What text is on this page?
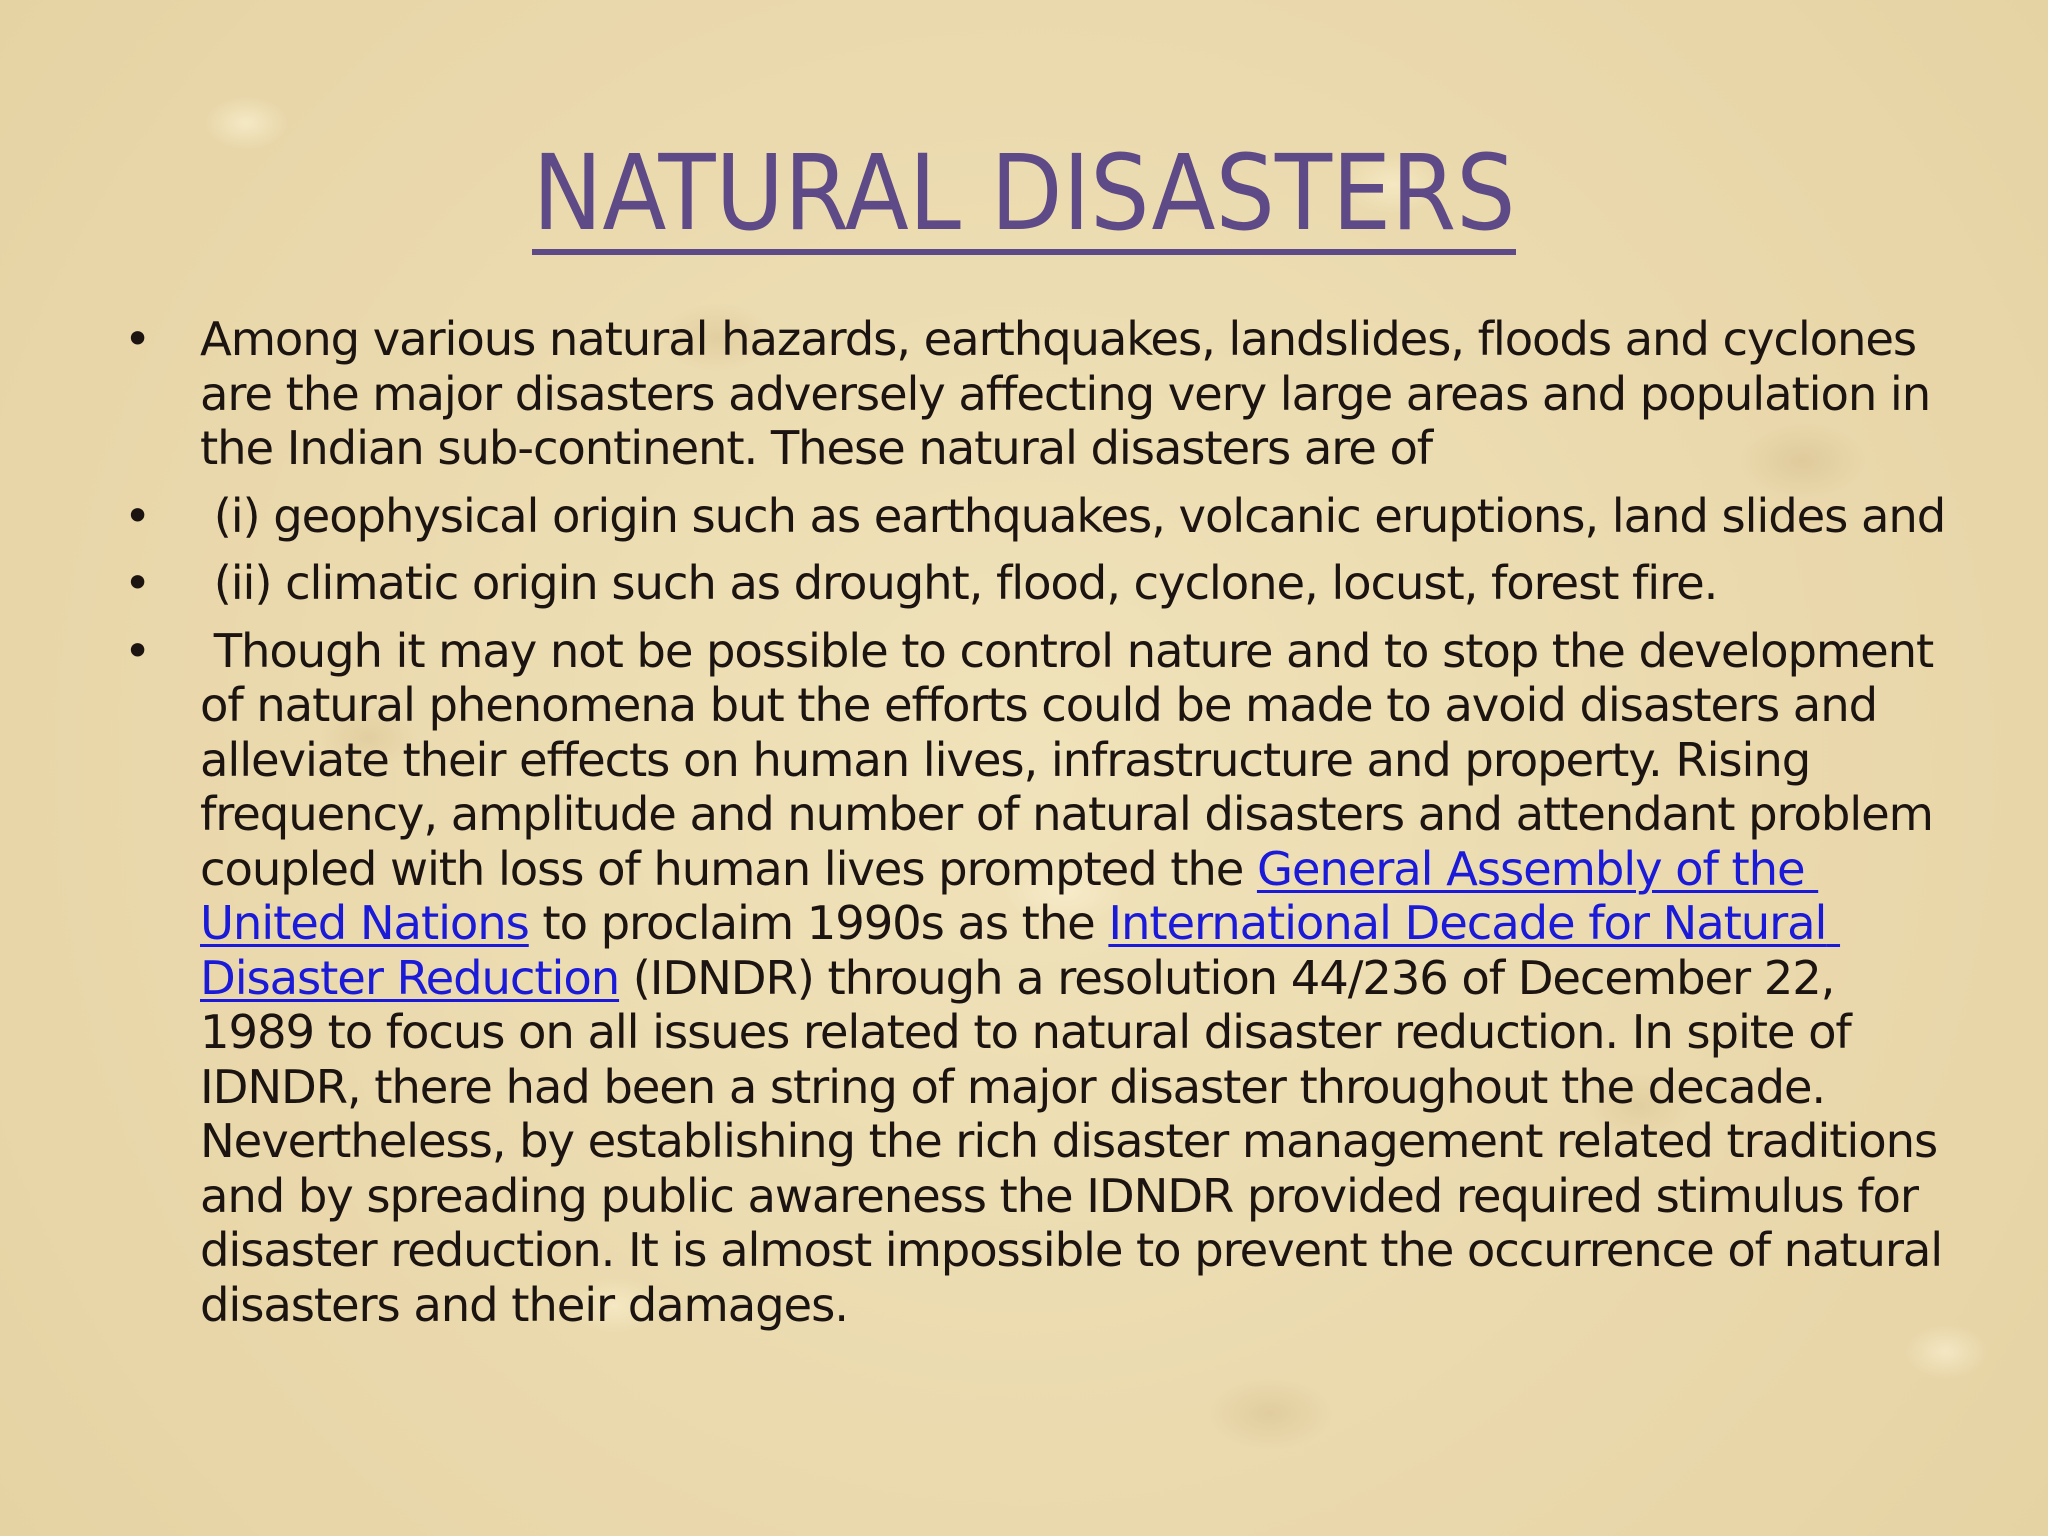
NATURAL DISASTERS
• Among various natural hazards, earthquakes, landslides, floods and cyclones are the major disasters adversely affecting very large areas and population in the Indian sub-continent. These natural disasters are of
• (i) geophysical origin such as earthquakes, volcanic eruptions, land slides and
• (ii) climatic origin such as drought, flood, cyclone, locust, forest fire.
• Though it may not be possible to control nature and to stop the development of natural phenomena but the efforts could be made to avoid disasters and alleviate their effects on human lives, infrastructure and property. Rising frequency, amplitude and number of natural disasters and attendant problem coupled with loss of human lives prompted the General Assembly of the United Nations to proclaim 1990s as the International Decade for Natural Disaster Reduction (IDNDR) through a resolution 44/236 of December 22, 1989 to focus on all issues related to natural disaster reduction. In spite of IDNDR, there had been a string of major disaster throughout the decade. Nevertheless, by establishing the rich disaster management related traditions and by spreading public awareness the IDNDR provided required stimulus for disaster reduction. It is almost impossible to prevent the occurrence of natural disasters and their damages.
